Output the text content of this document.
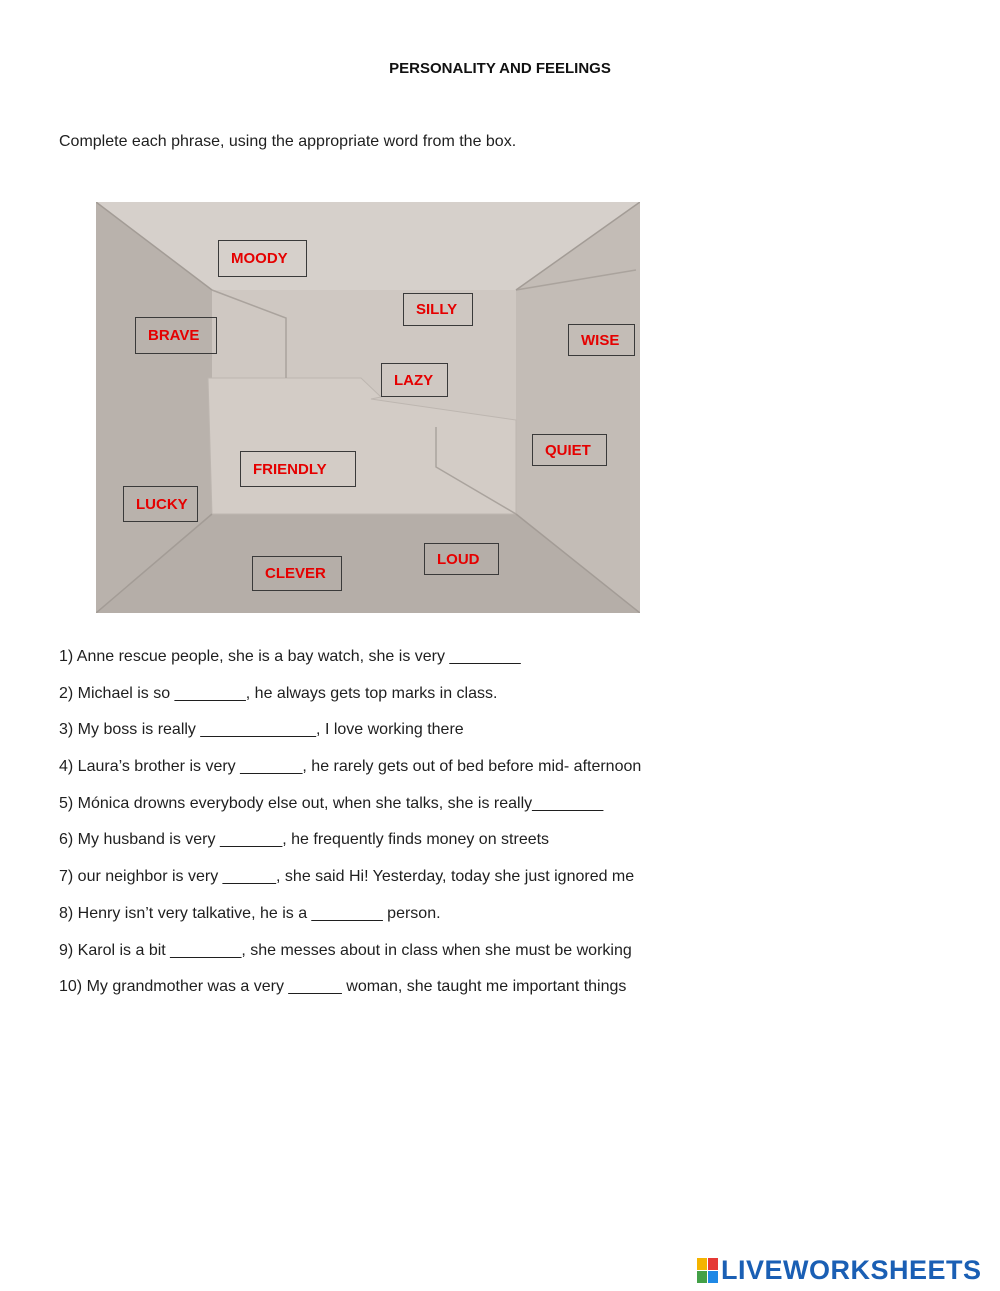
PERSONALITY AND FEELINGS
Complete each phrase, using the appropriate word from the box.
MOODY
SILLY
BRAVE	WISE
LAZY
QUIET
FRIENDLY
LUCKY
LOUD
CLEVER
1) Anne rescue people, she is a bay watch, she is very ________
2) Michael is so ________, he always gets top marks in class.
3) My boss is really _____________, I love working there
4) Laura’s brother is very _______, he rarely gets out of bed before mid- afternoon
5) Mónica drowns everybody else out, when she talks, she is really________
6) My husband is very _______, he frequently finds money on streets
7) our neighbor is very ______, she said Hi! Yesterday, today she just ignored me
8) Henry isn’t very talkative, he is a ________ person.
9) Karol is a bit ________, she messes about in class when she must be working
10) My grandmother was a very ______ woman, she taught me important things
LIVEWORKSHEETS
